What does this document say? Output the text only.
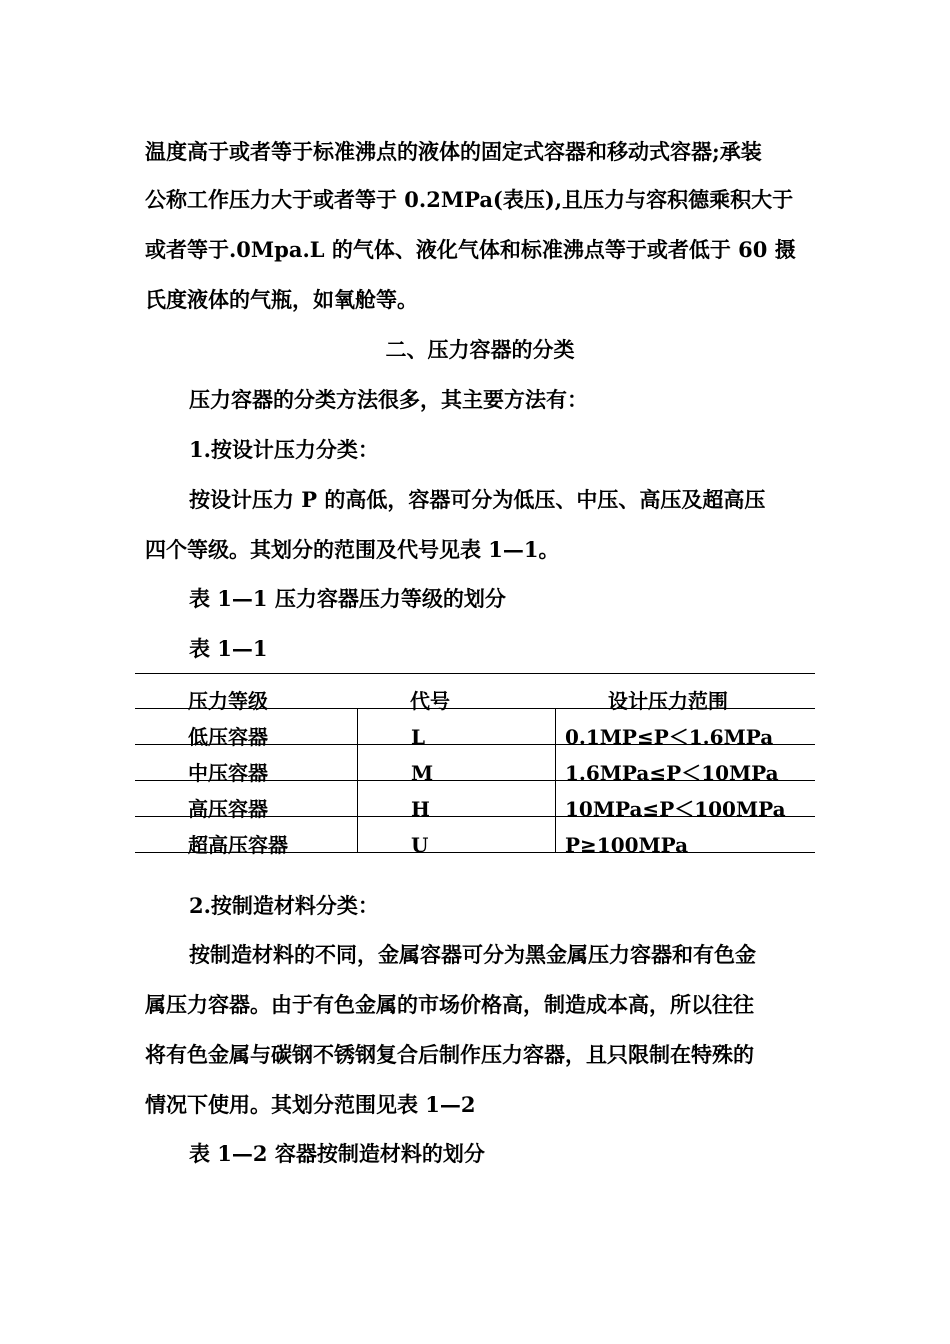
温度高于或者等于标准沸点的液体的固定式容器和移动式容器;承装
公称工作压力大于或者等于 0.2MPa(表压),且压力与容积德乘积大于
或者等于.0Mpa.L 的气体、液化气体和标准沸点等于或者低于 60 摄
氏度液体的气瓶，如氧舱等。
二、压力容器的分类
压力容器的分类方法很多，其主要方法有：
1.按设计压力分类：
按设计压力 P 的高低，容器可分为低压、中压、高压及超高压
四个等级。其划分的范围及代号见表 1—1。
表 1—1 压力容器压力等级的划分
表 1—1
压力等级	代号	设计压力范围
低压容器	L	0.1MP≤P＜1.6MPa
中压容器	M	1.6MPa≤P＜10MPa
高压容器	H	10MPa≤P＜100MPa
超高压容器	U	P≥100MPa
2.按制造材料分类：
按制造材料的不同，金属容器可分为黑金属压力容器和有色金
属压力容器。由于有色金属的市场价格高，制造成本高，所以往往
将有色金属与碳钢不锈钢复合后制作压力容器，且只限制在特殊的
情况下使用。其划分范围见表 1—2
表 1—2 容器按制造材料的划分
